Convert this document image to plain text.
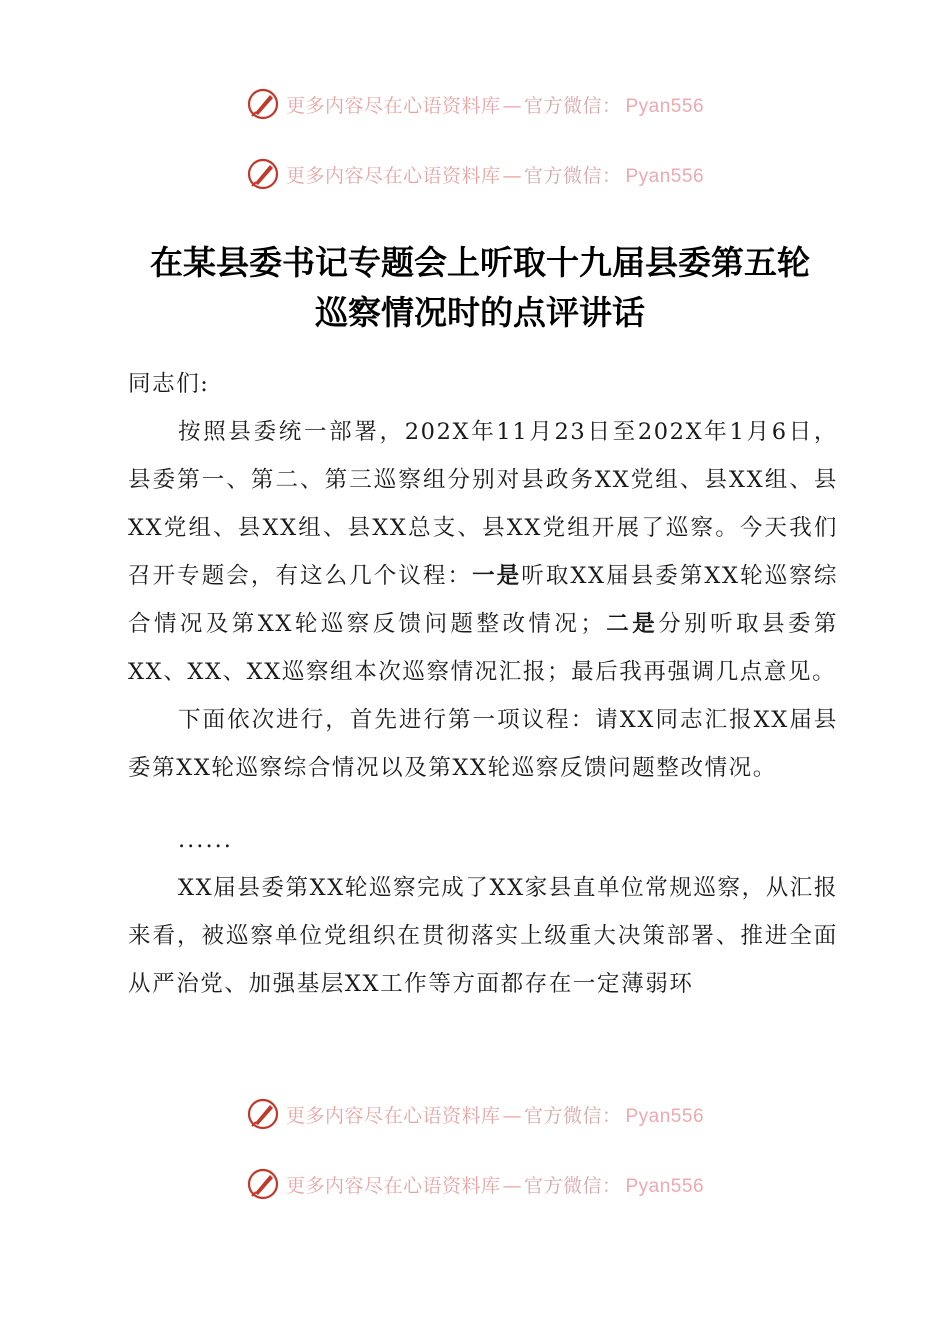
更多内容尽在心语资料库 — 官方微信： Pyan556
更多内容尽在心语资料库 — 官方微信： Pyan556
在某县委书记专题会上听取十九届县委第五轮
巡察情况时的点评讲话

同志们:

按照县委统一部署，202X年11月23日至202X年1月6日，县委第一、第二、第三巡察组分别对县政务XX党组、县XX组、县XX党组、县XX组、县XX总支、县XX党组开展了巡察。今天我们召开专题会，有这么几个议程：一是听取XX届县委第XX轮巡察综合情况及第XX轮巡察反馈问题整改情况；二是分别听取县委第XX、XX、XX巡察组本次巡察情况汇报；最后我再强调几点意见。

下面依次进行，首先进行第一项议程：请XX同志汇报XX届县委第XX轮巡察综合情况以及第XX轮巡察反馈问题整改情况。

......

XX届县委第XX轮巡察完成了XX家县直单位常规巡察，从汇报来看，被巡察单位党组织在贯彻落实上级重大决策部署、推进全面从严治党、加强基层XX工作等方面都存在一定薄弱环

更多内容尽在心语资料库 — 官方微信： Pyan556
更多内容尽在心语资料库 — 官方微信： Pyan556
